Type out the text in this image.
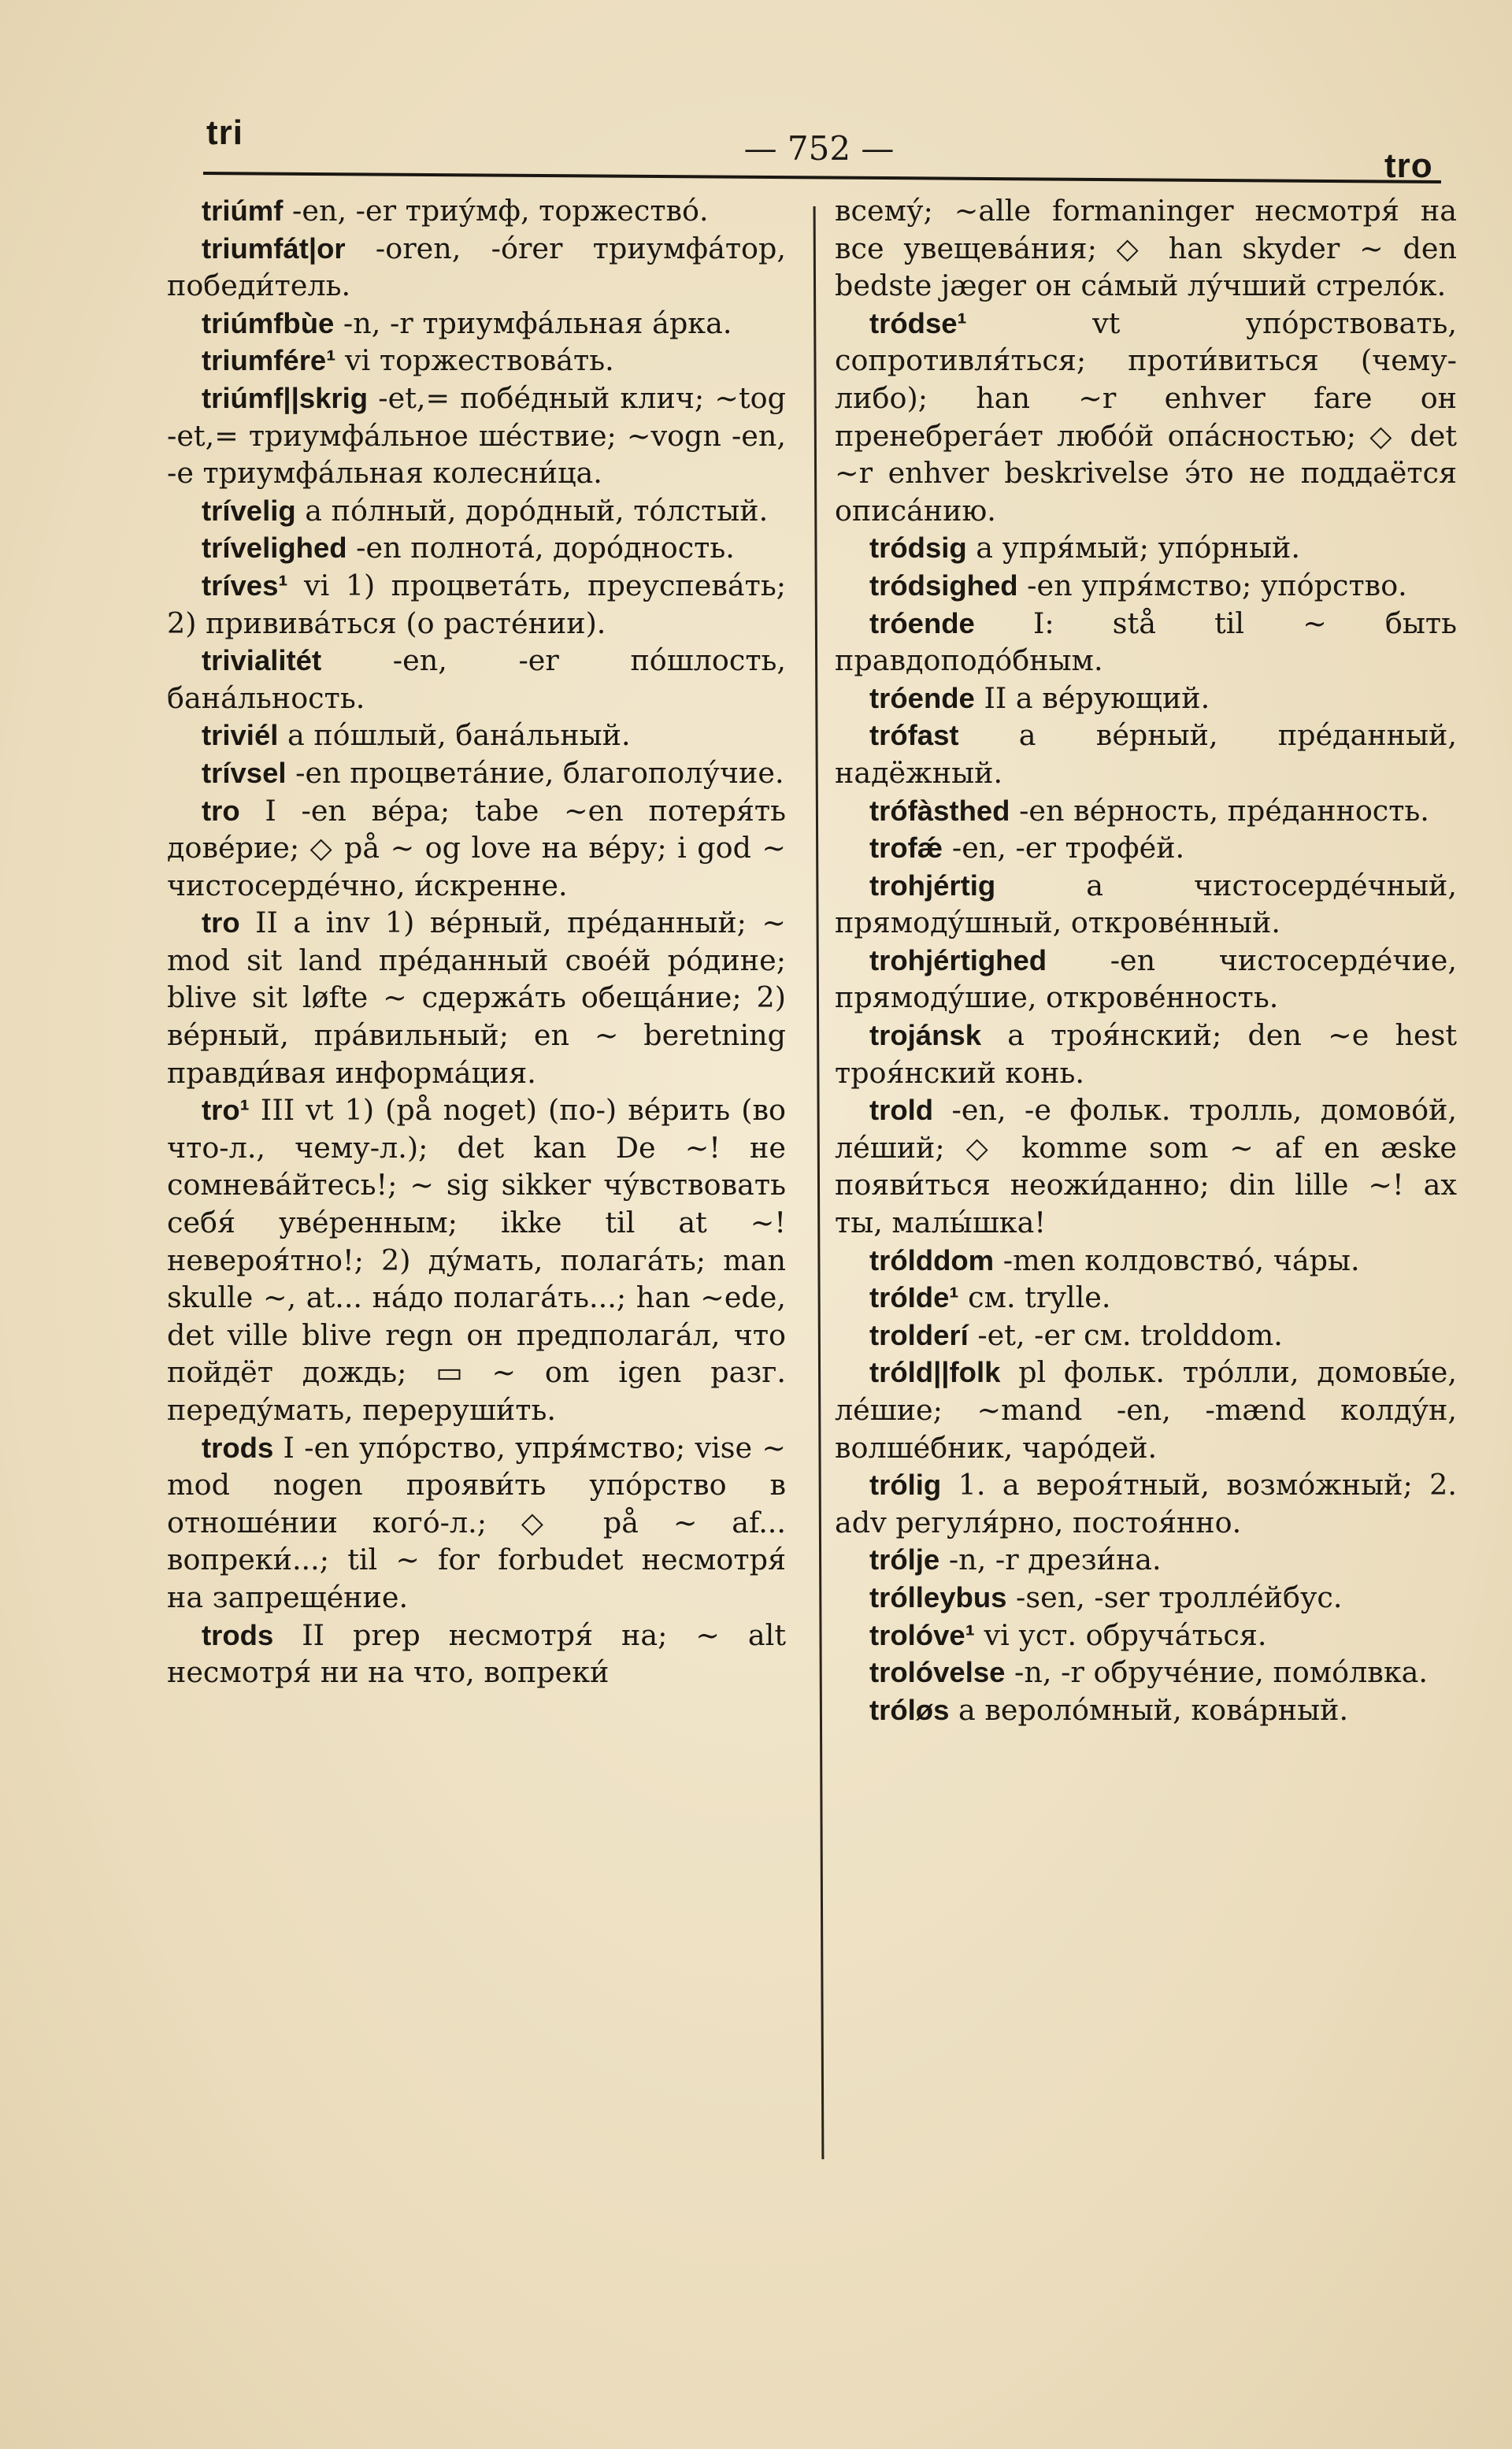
tri	— 752 —	tro

triúmf -en, -er триу́мф, торжество́.

triumfát|or -oren, -órer триумфа́тор, победи́тель.

triúmfbùe -n, -r триумфа́льная а́рка.

triumfére¹ vi торжествова́ть.

triúmf||skrig -et,= побе́дный клич; ~tog -et,= триумфа́льное ше́ствие; ~vogn -en, -e триумфа́льная колесни́ца.

trívelig a по́лный, доро́дный, то́лстый.

tríveligh​ed -en полнота́, доро́дность.

tríves¹ vi 1) процвета́ть, преуспева́ть; 2) привива́ться (о расте́нии).

trivialitét -en, -er по́шлость, бана́льность.

triviél a по́шлый, бана́льный.

trívsel -en процвета́ние, благополу́чие.

tro I -en ве́ра; tabe ~en потеря́ть дове́рие; ◇ på ~ og love на ве́ру; i god ~ чистосерде́чно, и́скренне.

tro II a inv 1) ве́рный, пре́данный; ~ mod sit land пре́данный свое́й ро́дине; blive sit løfte ~ сдержа́ть обеща́ние; 2) ве́рный, пра́вильный; en ~ beretning правди́вая информа́ция.

tro¹ III vt 1) (på noget) (по-) ве́рить (во что-л., чему-л.); det kan De ~! не сомнева́йтесь!; ~ sig sikker чу́вствовать себя́ уве́ренным; ikke til at ~! невероя́тно!; 2) ду́мать, полага́ть; man skulle ~, at... на́до полага́ть...; han ~ede, det ville blive regn он предполага́л, что пойдёт дождь; ▭ ~ om igen разг. переду́мать, переруши́ть.

trods I -en упо́рство, упря́мство; vise ~ mod nogen прояви́ть упо́рство в отноше́нии кого́-л.; ◇ på ~ af... вопреки́...; til ~ for forbudet несмотря́ на запреще́ние.

trods II prep несмотря́ на; ~ alt несмотря́ ни на что, вопреки́

всему́; ~alle formaninger несмотря́ на все увещева́ния; ◇ han skyder ~ den bedste jæger он са́мый лу́чший стрело́к.

tródse¹ vt упо́рствовать, сопротивля́ться; проти́виться (чему-либо); han ~r enhver fare он пренебрега́ет любо́й опа́сностью; ◇ det ~r enhver beskrivelse э́то не поддаётся описа́нию.

tródsig a упря́мый; упо́рный.

tródsighed -en упря́мство; упо́рство.

tróende I: stå til ~ быть правдоподо́бным.

tróende II a ве́рующий.

trófast a ве́рный, пре́данный, надёжный.

trófàsthed -en ве́рность, пре́данность.

trofǽ -en, -er трофе́й.

trohjértig a чистосерде́чный, прямоду́шный, открове́нный.

trohjértighed -en чистосерде́чие, прямоду́шие, открове́нность.

trojánsk a троя́нский; den ~e hest троя́нский конь.

trold -en, -e фольк. тролль, домово́й, ле́ший; ◇ komme som ~ af en æske появи́ться неожи́данно; din lille ~! ах ты, малы́шка!

trólddom -men колдовство́, ча́ры.

tróIde¹ см. trylle.

trolderí -et, -er см. trolddom.

tróld||folk pl фольк. тро́лли, домовы́е, ле́шие; ~mand -en, -mænd колду́н, волше́бник, чаро́дей.

trólig 1. a вероя́тный, возмо́жный; 2. adv регуля́рно, постоя́нно.

trólje -n, -r дрези́на.

trólleybus -sen, -ser тролле́йбус.

trolóve¹ vi уст. обруча́ться.

trolóvelse -n, -r обруче́ние, помо́лвка.

tróløs a вероло́мный, кова́рный.
